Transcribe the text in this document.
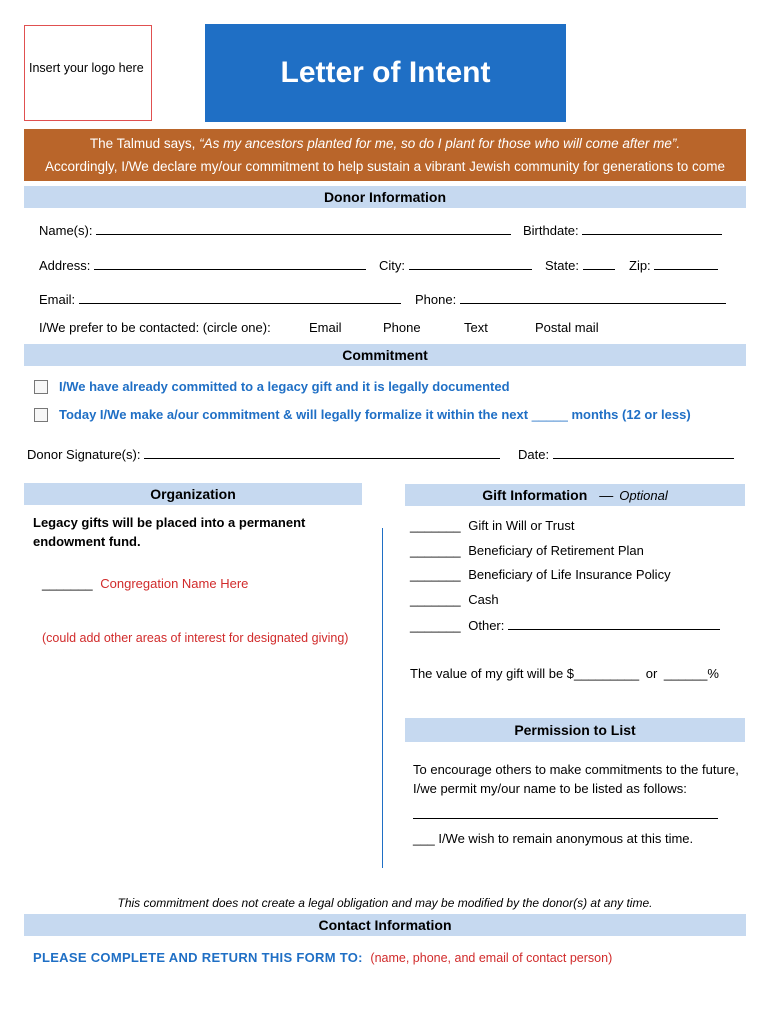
Insert your logo here	Letter of Intent
The Talmud says, “As my ancestors planted for me, so do I plant for those who will come after me”.
Accordingly, I/We declare my/our commitment to help sustain a vibrant Jewish community for generations to come
Donor Information
Name(s):	Birthdate:
Address:	City:	State:	Zip:
Email:	Phone:
I/We prefer to be contacted: (circle one):	Email	Phone	Text	Postal mail
Commitment
I/We have already committed to a legacy gift and it is legally documented
Today I/We make a/our commitment & will legally formalize it within the next _____ months (12 or less)
Donor Signature(s):	Date:
Organization
Legacy gifts will be placed into a permanent endowment fund.
_______ Congregation Name Here
(could add other areas of interest for designated giving)
Gift Information — Optional
_______ Gift in Will or Trust
_______ Beneficiary of Retirement Plan
_______ Beneficiary of Life Insurance Policy
_______ Cash
_______ Other:
The value of my gift will be $_________ or ______%
Permission to List
To encourage others to make commitments to the future,
I/we permit my/our name to be listed as follows:
___ I/We wish to remain anonymous at this time.
This commitment does not create a legal obligation and may be modified by the donor(s) at any time.
Contact Information
PLEASE COMPLETE AND RETURN THIS FORM TO: (name, phone, and email of contact person)
